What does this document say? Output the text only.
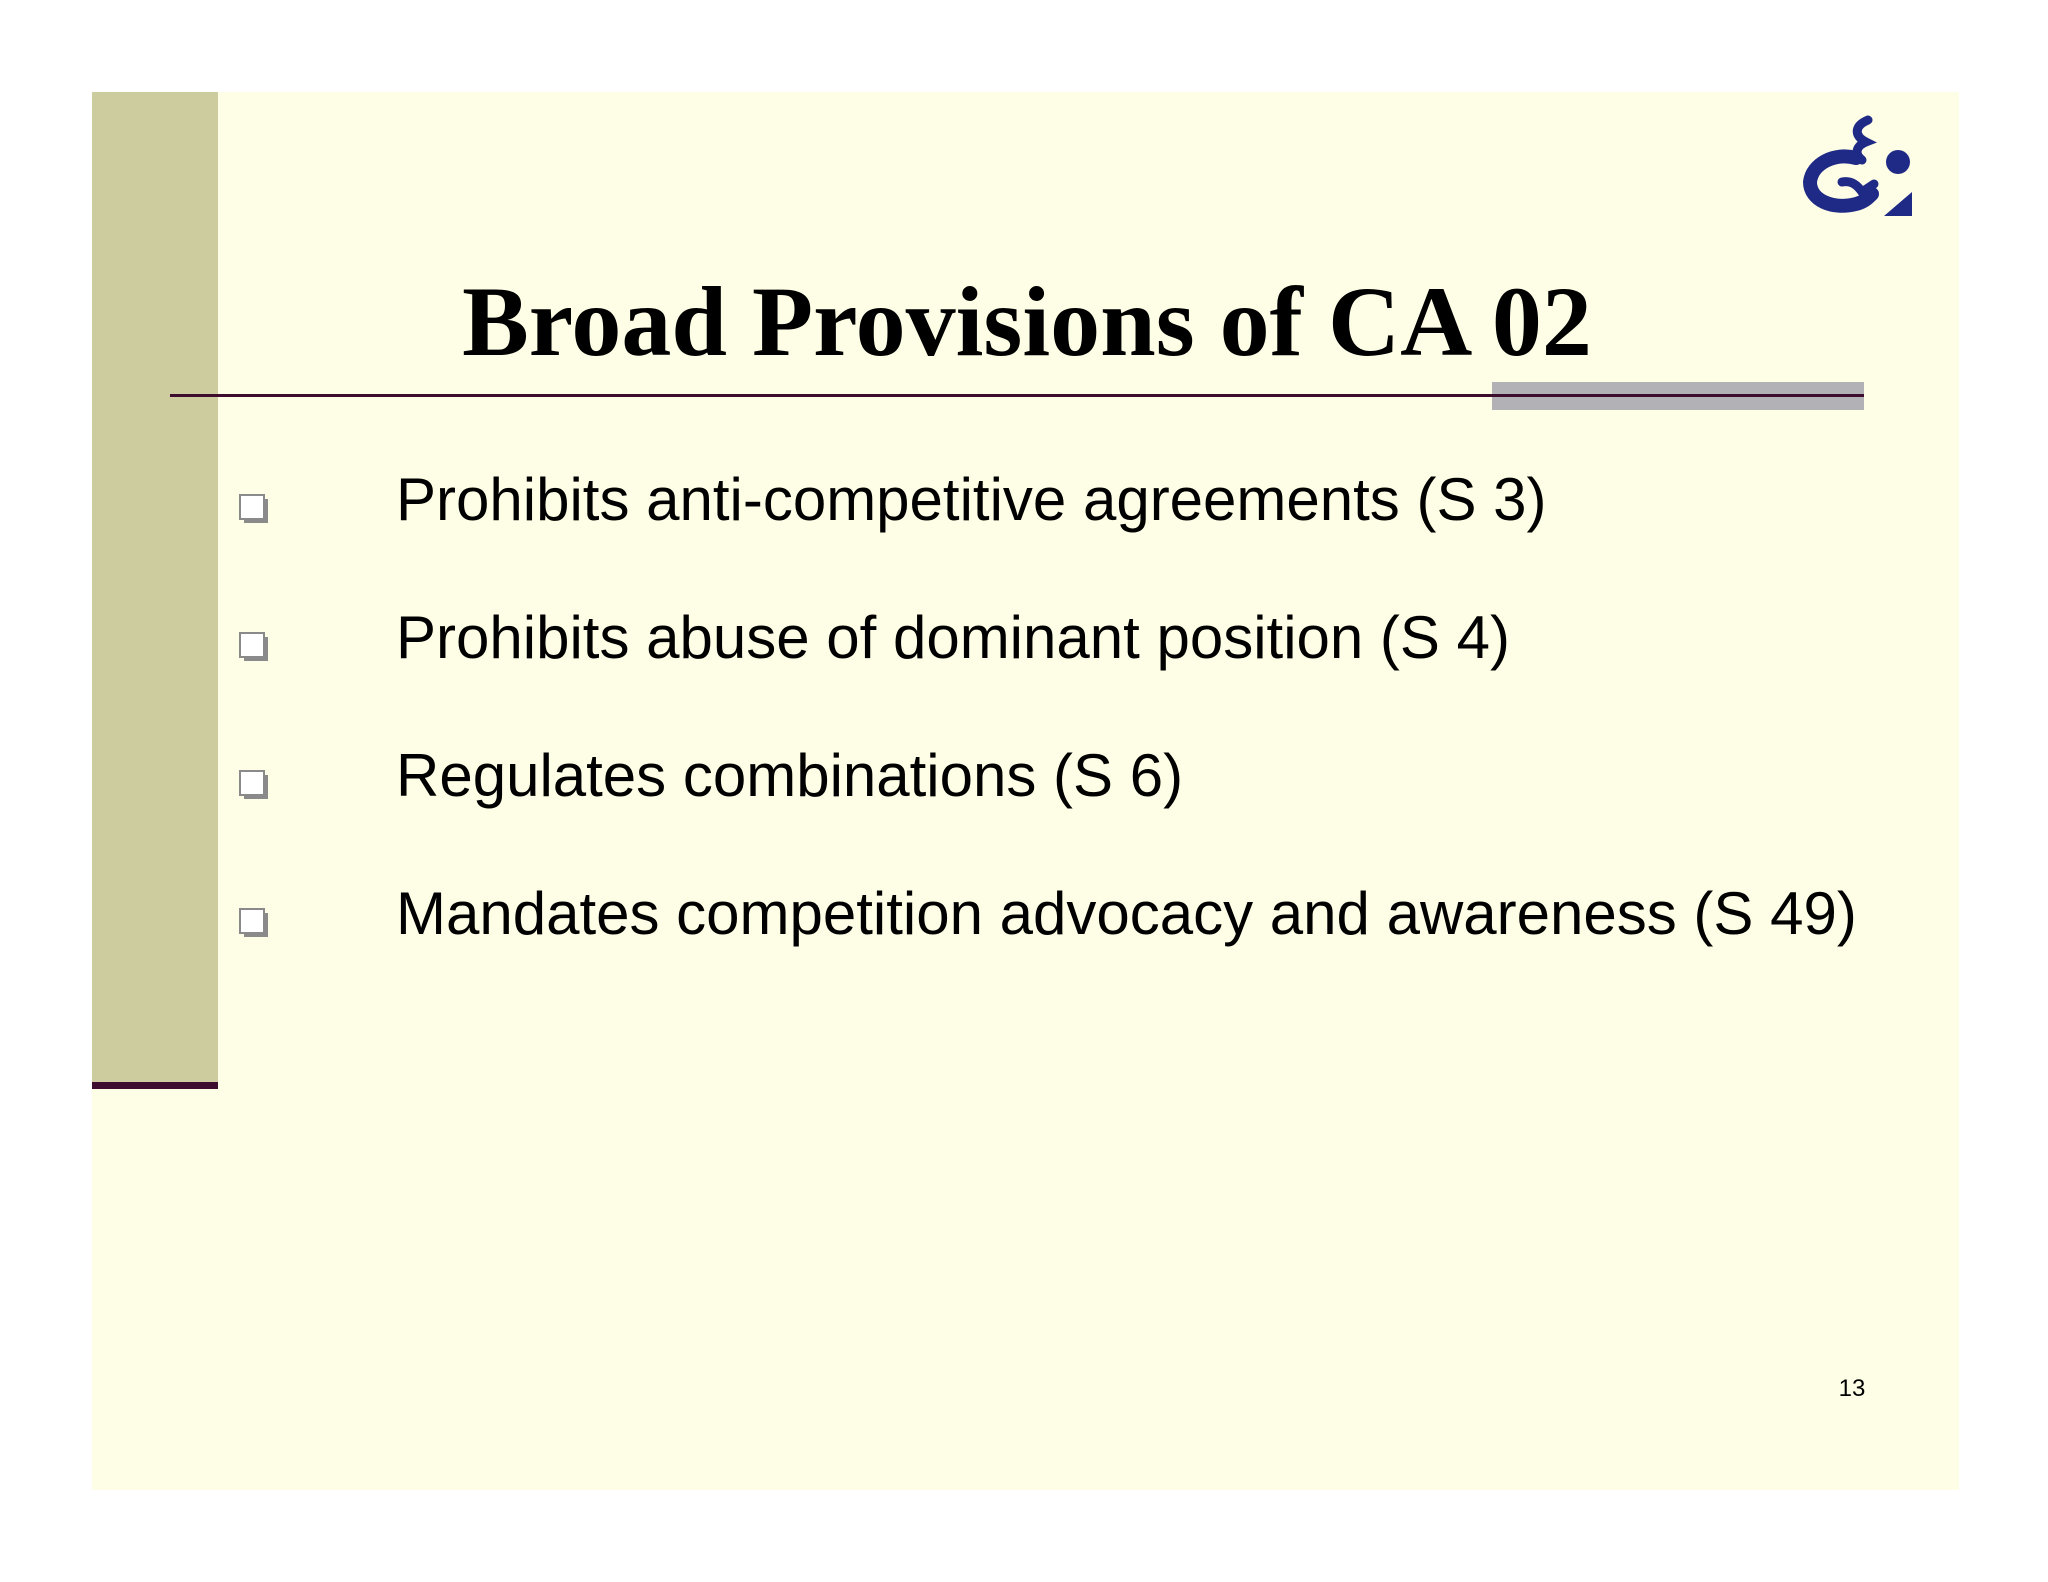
Broad Provisions of CA 02
Prohibits anti-competitive agreements (S 3)
Prohibits abuse of dominant position (S 4)
Regulates combinations (S 6)
Mandates competition advocacy and awareness (S 49)
13
